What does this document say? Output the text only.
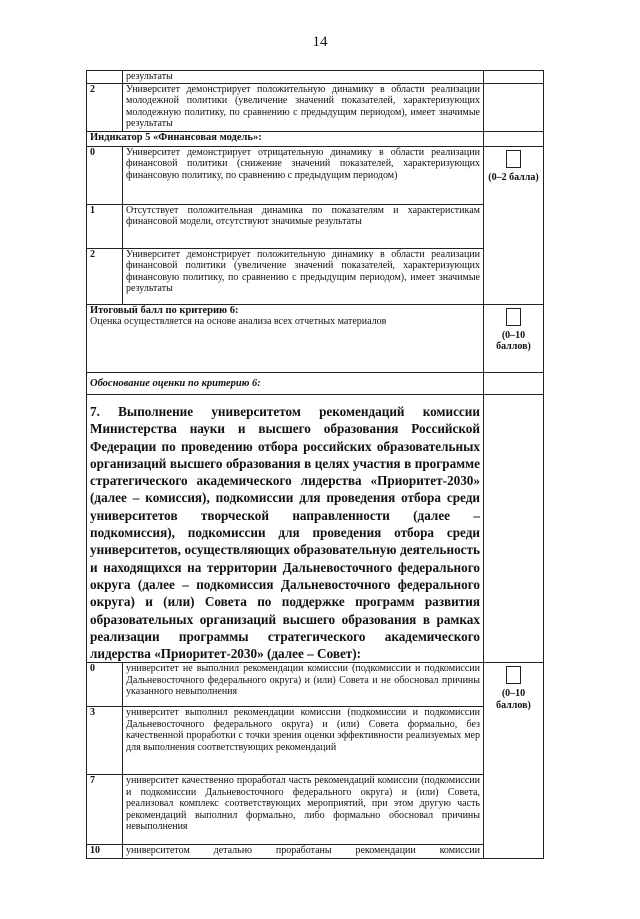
14
	результаты	
2	Университет демонстрирует положительную динамику в области реализации молодежной политики (увеличение значений показателей, характеризующих молодежную политику, по сравнению с предыдущим периодом), имеет значимые результаты	
Индикатор 5 «Финансовая модель»:		
0	Университет демонстрирует отрицательную динамику в области реализации финансовой политики (снижение значений показателей, характеризующих финансовую политику, по сравнению с предыдущим периодом)	(0–2 балла)
1	Отсутствует положительная динамика по показателям и характеристикам финансовой модели, отсутствуют значимые результаты	
2	Университет демонстрирует положительную динамику в области реализации финансовой политики (увеличение значений показателей, характеризующих финансовую политику, по сравнению с предыдущим периодом), имеет значимые результаты	

Итоговый балл по критерию 6:
Оценка осуществляется на основе анализа всех отчетных материалов		(0–10 баллов)
Обоснование оценки по критерию 6:		
7. Выполнение университетом рекомендаций комиссии Министерства науки и высшего образования Российской Федерации по проведению отбора российских образовательных организаций высшего образования в целях участия в программе стратегического академического лидерства «Приоритет-2030» (далее – комиссия), подкомиссии для проведения отбора среди университетов творческой направленности (далее – подкомиссия), подкомиссии для проведения отбора среди университетов, осуществляющих образовательную деятельность и находящихся на территории Дальневосточного федерального округа (далее – подкомиссия Дальневосточного федерального округа) и (или) Совета по поддержке программ развития образовательных организаций высшего образования в рамках реализации программы стратегического академического лидерства «Приоритет-2030» (далее – Совет):		
0	университет не выполнил рекомендации комиссии (подкомиссии и подкомиссии Дальневосточного федерального округа) и (или) Совета и не обосновал причины указанного невыполнения	(0–10 баллов)
3	университет выполнил рекомендации комиссии (подкомиссии и подкомиссии Дальневосточного федерального округа) и (или) Совета формально, без качественной проработки с точки зрения оценки эффективности реализуемых мер для выполнения соответствующих рекомендаций	
7	университет качественно проработал часть рекомендаций комиссии (подкомиссии и подкомиссии Дальневосточного федерального округа) и (или) Совета, реализовал комплекс соответствующих мероприятий, при этом другую часть рекомендаций выполнил формально, либо формально обосновал причины невыполнения	
10	университетом детально проработаны рекомендации комиссии	
